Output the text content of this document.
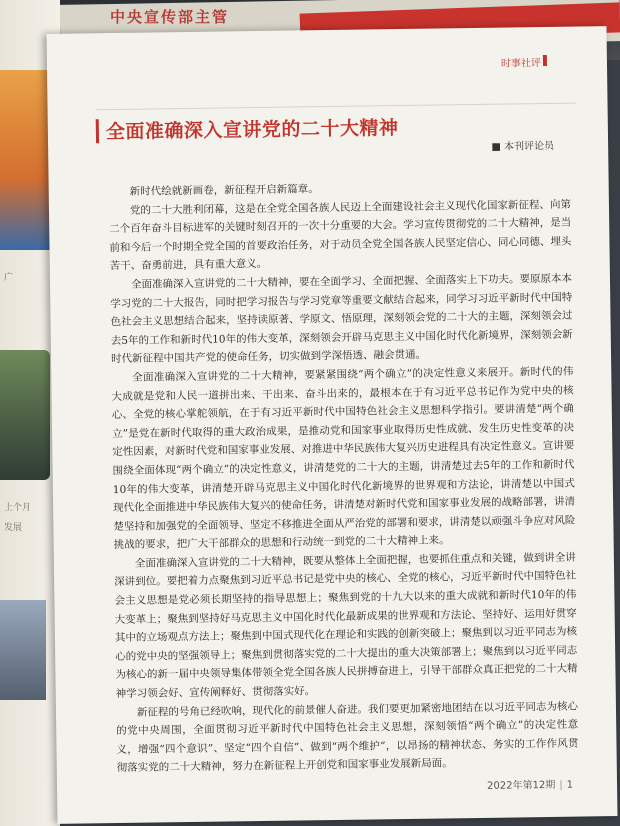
中央宣传部主管
广
上个月
发展
时事社评
全面准确深入宣讲党的二十大精神
■ 本刊评论员

新时代绘就新画卷，新征程开启新篇章。

党的二十大胜利闭幕，这是在全党全国各族人民迈上全面建设社会主义现代化国家新征程、向第二个百年奋斗目标进军的关键时刻召开的一次十分重要的大会。学习宣传贯彻党的二十大精神，是当前和今后一个时期全党全国的首要政治任务，对于动员全党全国各族人民坚定信心、同心同德、埋头苦干、奋勇前进，具有重大意义。

全面准确深入宣讲党的二十大精神，要在全面学习、全面把握、全面落实上下功夫。要原原本本学习党的二十大报告，同时把学习报告与学习党章等重要文献结合起来，同学习习近平新时代中国特色社会主义思想结合起来，坚持读原著、学原文、悟原理，深刻领会党的二十大的主题，深刻领会过去5年的工作和新时代10年的伟大变革，深刻领会开辟马克思主义中国化时代化新境界，深刻领会新时代新征程中国共产党的使命任务，切实做到学深悟透、融会贯通。

全面准确深入宣讲党的二十大精神，要紧紧围绕“两个确立”的决定性意义来展开。新时代的伟大成就是党和人民一道拼出来、干出来、奋斗出来的，最根本在于有习近平总书记作为党中央的核心、全党的核心掌舵领航，在于有习近平新时代中国特色社会主义思想科学指引。要讲清楚“两个确立”是党在新时代取得的重大政治成果，是推动党和国家事业取得历史性成就、发生历史性变革的决定性因素，对新时代党和国家事业发展、对推进中华民族伟大复兴历史进程具有决定性意义。宣讲要围绕全面体现“两个确立”的决定性意义，讲清楚党的二十大的主题，讲清楚过去5年的工作和新时代10年的伟大变革，讲清楚开辟马克思主义中国化时代化新境界的世界观和方法论，讲清楚以中国式现代化全面推进中华民族伟大复兴的使命任务，讲清楚对新时代党和国家事业发展的战略部署，讲清楚坚持和加强党的全面领导、坚定不移推进全面从严治党的部署和要求，讲清楚以顽强斗争应对风险挑战的要求，把广大干部群众的思想和行动统一到党的二十大精神上来。

全面准确深入宣讲党的二十大精神，既要从整体上全面把握，也要抓住重点和关键，做到讲全讲深讲到位。要把着力点聚焦到习近平总书记是党中央的核心、全党的核心，习近平新时代中国特色社会主义思想是党必须长期坚持的指导思想上；聚焦到党的十九大以来的重大成就和新时代10年的伟大变革上；聚焦到坚持好马克思主义中国化时代化最新成果的世界观和方法论、坚持好、运用好贯穿其中的立场观点方法上；聚焦到中国式现代化在理论和实践的创新突破上；聚焦到以习近平同志为核心的党中央的坚强领导上；聚焦到贯彻落实党的二十大提出的重大决策部署上；聚焦到以习近平同志为核心的新一届中央领导集体带领全党全国各族人民拼搏奋进上，引导干部群众真正把党的二十大精神学习领会好、宣传阐释好、贯彻落实好。

新征程的号角已经吹响，现代化的前景催人奋进。我们要更加紧密地团结在以习近平同志为核心的党中央周围，全面贯彻习近平新时代中国特色社会主义思想，深刻领悟“两个确立”的决定性意义，增强“四个意识”、坚定“四个自信”、做到“两个维护”，以昂扬的精神状态、务实的工作作风贯彻落实党的二十大精神，努力在新征程上开创党和国家事业发展新局面。

2022年第12期 | 1
